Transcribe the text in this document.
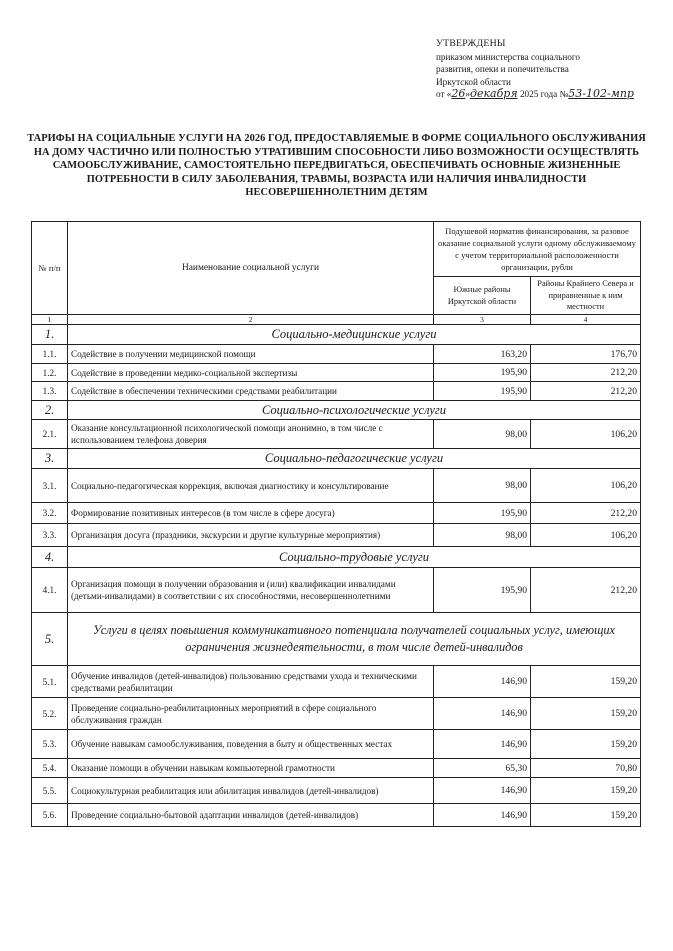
УТВЕРЖДЕНЫ
приказом министерства социального
развития, опеки и попечительства
Иркутской области
от «26»декабря 2025 года №53-102-мпр
ТАРИФЫ НА СОЦИАЛЬНЫЕ УСЛУГИ НА 2026 ГОД, ПРЕДОСТАВЛЯЕМЫЕ В ФОРМЕ СОЦИАЛЬНОГО ОБСЛУЖИВАНИЯ НА ДОМУ ЧАСТИЧНО ИЛИ ПОЛНОСТЬЮ УТРАТИВШИМ СПОСОБНОСТИ ЛИБО ВОЗМОЖНОСТИ ОСУЩЕСТВЛЯТЬ САМООБСЛУЖИВАНИЕ, САМОСТОЯТЕЛЬНО ПЕРЕДВИГАТЬСЯ, ОБЕСПЕЧИВАТЬ ОСНОВНЫЕ ЖИЗНЕННЫЕ ПОТРЕБНОСТИ В СИЛУ ЗАБОЛЕВАНИЯ, ТРАВМЫ, ВОЗРАСТА ИЛИ НАЛИЧИЯ ИНВАЛИДНОСТИ НЕСОВЕРШЕННОЛЕТНИМ ДЕТЯМ
№ п/п	Наименование социальной услуги	Подушевой норматив финансирования, за разовое оказание социальной услуги одному обслуживаемому с учетом территориальной расположенности организации, рубли	
		Южные районы Иркутской области	Районы Крайнего Севера и приравненные к ним местности
1	2	3	4
1.	Социально-медицинские услуги		
1.1.	Содействие в получении медицинской помощи	163,20	176,70
1.2.	Содействие в проведении медико-социальной экспертизы	195,90	212,20
1.3.	Содействие в обеспечении техническими средствами реабилитации	195,90	212,20
2.	Социально-психологические услуги		
2.1.	Оказание консультационной психологической помощи анонимно, в том числе с использованием телефона доверия	98,00	106,20
3.	Социально-педагогические услуги		
3.1.	Социально-педагогическая коррекция, включая диагностику и консультирование	98,00	106,20
3.2.	Формирование позитивных интересов (в том числе в сфере досуга)	195,90	212,20
3.3.	Организация досуга (праздники, экскурсии и другие культурные мероприятия)	98,00	106,20
4.	Социально-трудовые услуги		
4.1.	Организация помощи в получении образования и (или) квалификации инвалидами (детьми-инвалидами) в соответствии с их способностями, несовершеннолетними	195,90	212,20
5.	Услуги в целях повышения коммуникативного потенциала получателей социальных услуг, имеющих ограничения жизнедеятельности, в том числе детей-инвалидов		
5.1.	Обучение инвалидов (детей-инвалидов) пользованию средствами ухода и техническими средствами реабилитации	146,90	159,20
5.2.	Проведение социально-реабилитационных мероприятий в сфере социального обслуживания граждан	146,90	159,20
5.3.	Обучение навыкам самообслуживания, поведения в быту и общественных местах	146,90	159,20
5.4.	Оказание помощи в обучении навыкам компьютерной грамотности	65,30	70,80
5.5.	Социокультурная реабилитация или абилитация инвалидов (детей-инвалидов)	146,90	159,20
5.6.	Проведение социально-бытовой адаптации инвалидов (детей-инвалидов)	146,90	159,20
